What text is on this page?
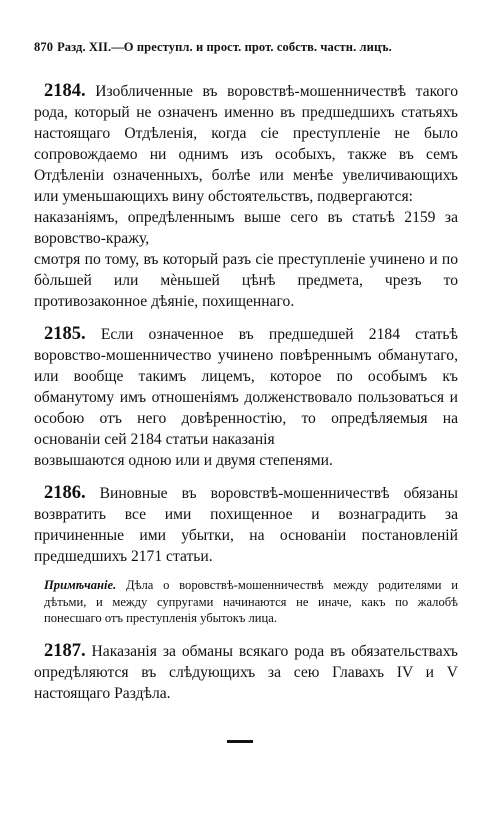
870 Разд. XII.—О преступл. и прост. прот. собств. частн. лицъ.

2184. Изобличенные въ воровствѣ-мошенничествѣ такого рода, который не означенъ именно въ предшедшихъ статьяхъ настоящаго Отдѣленія, когда сіе преступленіе не было сопровождаемо ни однимъ изъ особыхъ, также въ семъ Отдѣленіи означенныхъ, болѣе или менѣе увеличивающихъ или уменьшающихъ вину обстоятельствъ, подвергаются:

наказаніямъ, опредѣленнымъ выше сего въ статьѣ 2159 за воровство-кражу,

смотря по тому, въ который разъ сіе преступленіе учинено и по бòльшей или мèньшей цѣнѣ предмета, чрезъ то противозаконное дѣяніе, похищеннаго.

2185. Если означенное въ предшедшей 2184 статьѣ воровство-мошенничество учинено повѣреннымъ обманутаго, или вообще такимъ лицемъ, которое по особымъ къ обманутому имъ отношеніямъ долженствовало пользоваться и особою отъ него довѣренностію, то опредѣляемыя на основаніи сей 2184 статьи наказанія

возвышаются одною или и двумя степенями.

2186. Виновные въ воровствѣ-мошенничествѣ обязаны возвратить все ими похищенное и вознаградить за причиненные ими убытки, на основаніи постановленій предшедшихъ 2171 статьи.

Примѣчаніе. Дѣла о воровствѣ-мошенничествѣ между родителями и дѣтьми, и между супругами начинаются не иначе, какъ по жалобѣ понесшаго отъ преступленія убытокъ лица.

2187. Наказанія за обманы всякаго рода въ обязательствахъ опредѣляются въ слѣдующихъ за сею Главахъ IV и V настоящаго Раздѣла.
